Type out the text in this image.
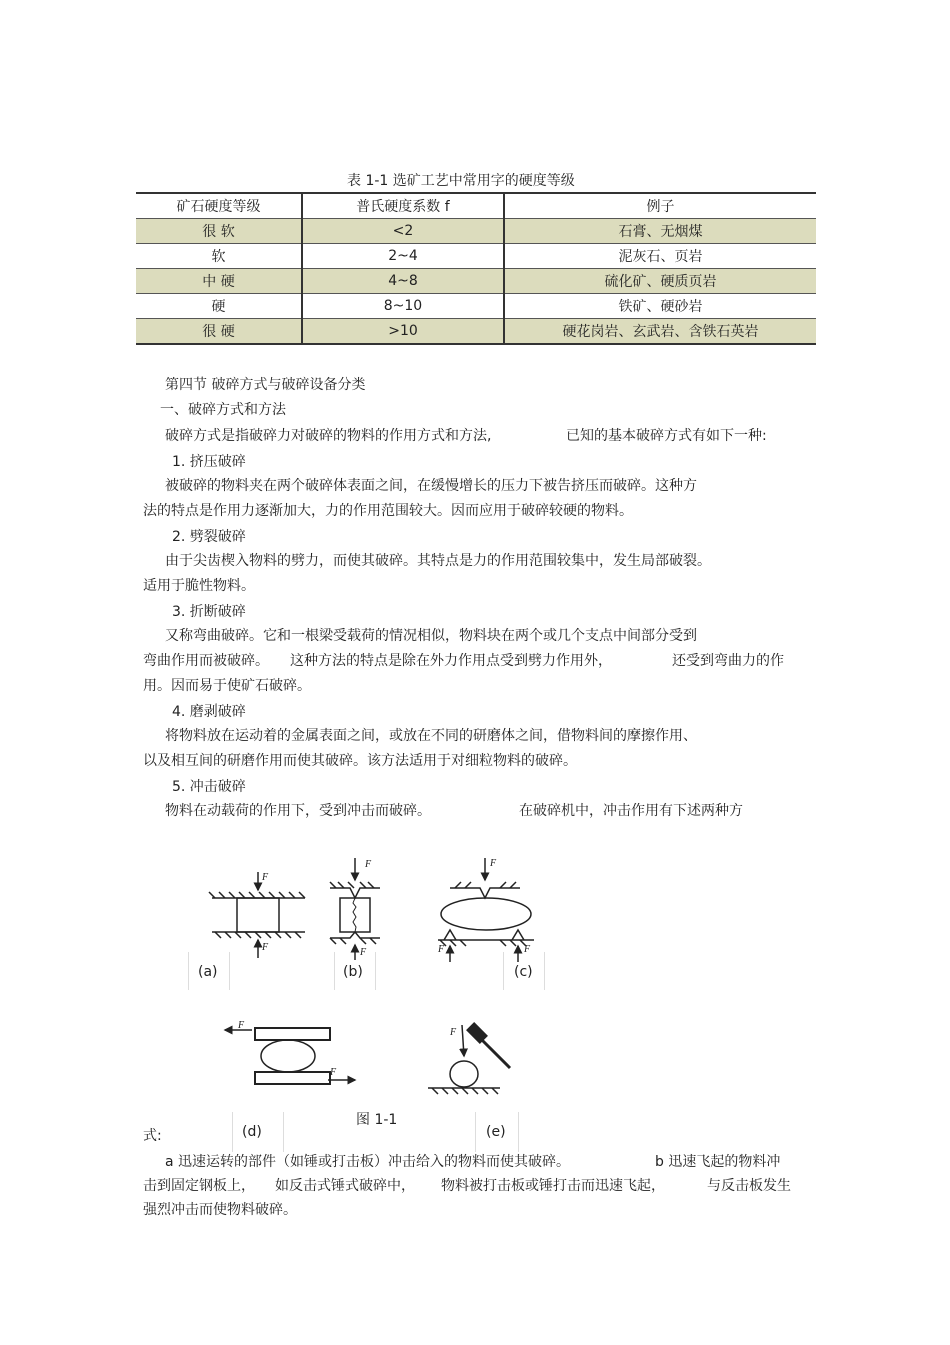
表 1-1 选矿工艺中常用字的硬度等级
矿石硬度等级	普氏硬度系数 f	例子
很 软	<2	石膏、无烟煤
软	2~4	泥灰石、页岩
中 硬	4~8	硫化矿、硬质页岩
硬	8~10	铁矿、硬砂岩
很 硬	>10	硬花岗岩、玄武岩、含铁石英岩
第四节 破碎方式与破碎设备分类
一、破碎方式和方法
破碎方式是指破碎力对破碎的物料的作用方式和方法,	已知的基本破碎方式有如下一种:
1. 挤压破碎
被破碎的物料夹在两个破碎体表面之间，在缓慢增长的压力下被告挤压而破碎。这种方
法的特点是作用力逐渐加大，力的作用范围较大。因而应用于破碎较硬的物料。
2. 劈裂破碎
由于尖齿楔入物料的劈力，而使其破碎。其特点是力的作用范围较集中，发生局部破裂。
适用于脆性物料。
3. 折断破碎
又称弯曲破碎。它和一根梁受载荷的情况相似，物料块在两个或几个支点中间部分受到
弯曲作用而被破碎。 这种方法的特点是除在外力作用点受到劈力作用外，	还受到弯曲力的作
用。因而易于使矿石破碎。
4. 磨剥破碎
将物料放在运动着的金属表面之间，或放在不同的研磨体之间，借物料间的摩擦作用、
以及相互间的研磨作用而使其破碎。该方法适用于对细粒物料的破碎。
5. 冲击破碎
物料在动载荷的作用下，受到冲击而破碎。	在破碎机中，冲击作用有下述两种方
F
F
F
F
F
F	F
F
F
F
(a)	(b)	(c)
(d)	(e)
图 1-1
式:
a 迅速运转的部件（如锤或打击板）冲击给入的物料而使其破碎。	b 迅速飞起的物料冲
击到固定钢板上， 如反击式锤式破碎中， 物料被打击板或锤打击而迅速飞起，	与反击板发生
强烈冲击而使物料破碎。
